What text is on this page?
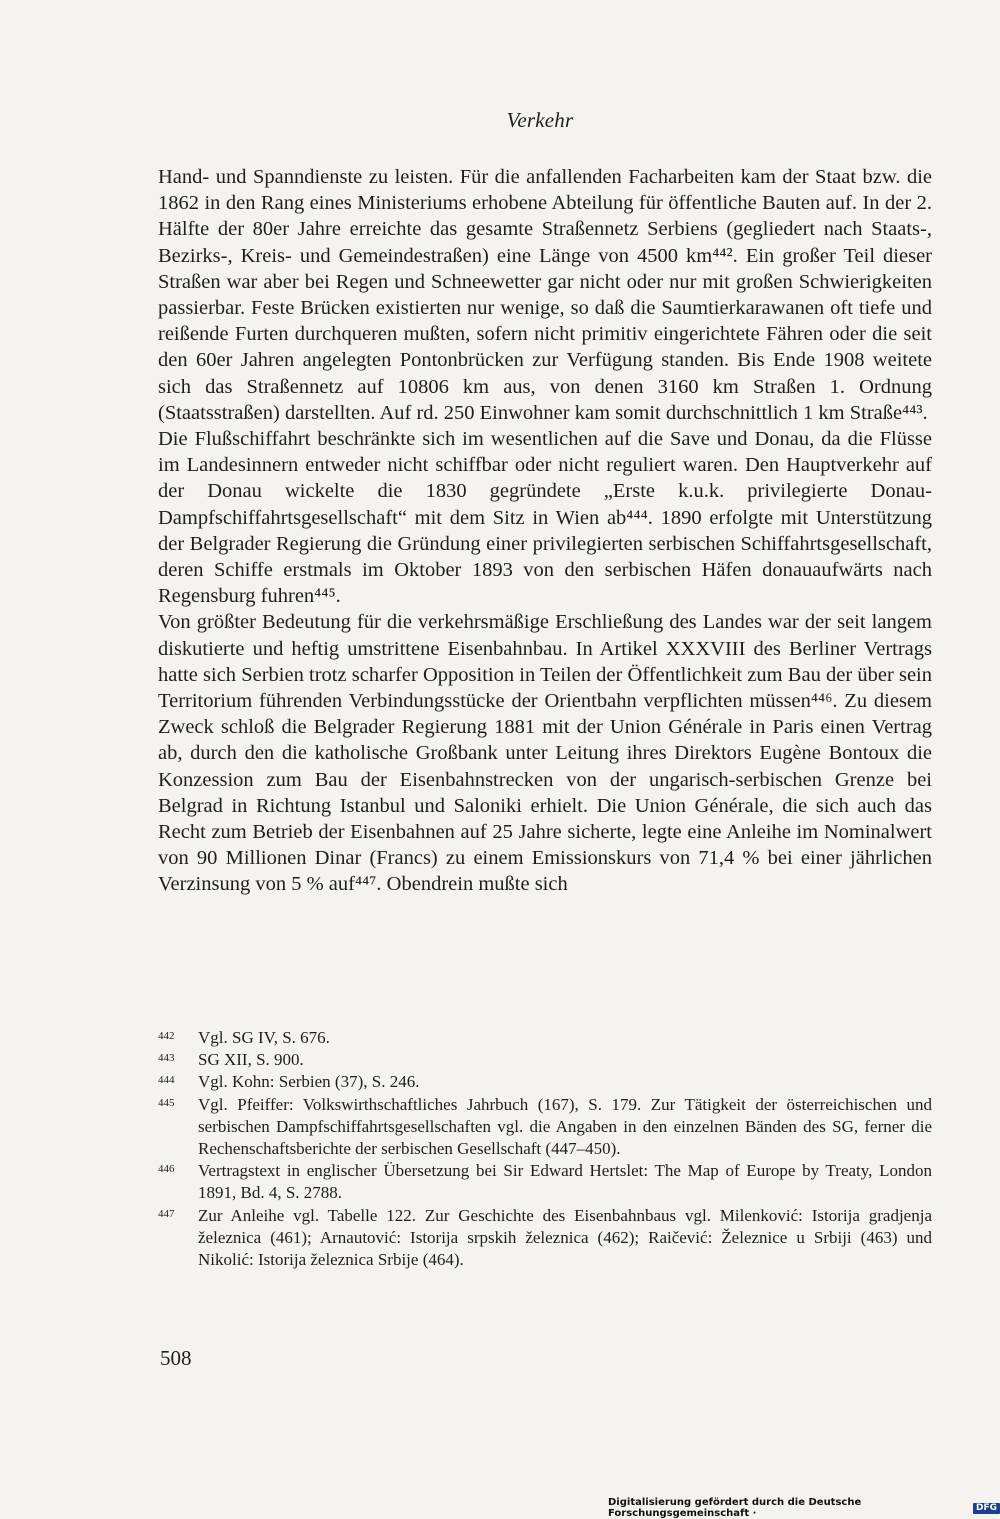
Verkehr

Hand- und Spanndienste zu leisten. Für die anfallenden Facharbeiten kam der Staat bzw. die 1862 in den Rang eines Ministeriums erhobene Abteilung für öffentliche Bauten auf. In der 2. Hälfte der 80er Jahre erreichte das gesamte Straßennetz Serbiens (gegliedert nach Staats-, Bezirks-, Kreis- und Gemeindestraßen) eine Länge von 4500 km⁴⁴². Ein großer Teil dieser Straßen war aber bei Regen und Schneewetter gar nicht oder nur mit großen Schwierigkeiten passierbar. Feste Brücken existierten nur wenige, so daß die Saumtierkarawanen oft tiefe und reißende Furten durchqueren mußten, sofern nicht primitiv eingerichtete Fähren oder die seit den 60er Jahren angelegten Pontonbrücken zur Verfügung standen. Bis Ende 1908 weitete sich das Straßennetz auf 10806 km aus, von denen 3160 km Straßen 1. Ordnung (Staatsstraßen) darstellten. Auf rd. 250 Einwohner kam somit durchschnittlich 1 km Straße⁴⁴³.

Die Flußschiffahrt beschränkte sich im wesentlichen auf die Save und Donau, da die Flüsse im Landesinnern entweder nicht schiffbar oder nicht reguliert waren. Den Hauptverkehr auf der Donau wickelte die 1830 gegründete „Erste k.u.k. privilegierte Donau-Dampfschiffahrtsgesellschaft“ mit dem Sitz in Wien ab⁴⁴⁴. 1890 erfolgte mit Unterstützung der Belgrader Regierung die Gründung einer privilegierten serbischen Schiffahrtsgesellschaft, deren Schiffe erstmals im Oktober 1893 von den serbischen Häfen donauaufwärts nach Regensburg fuhren⁴⁴⁵.

Von größter Bedeutung für die verkehrsmäßige Erschließung des Landes war der seit langem diskutierte und heftig umstrittene Eisenbahnbau. In Artikel XXXVIII des Berliner Vertrags hatte sich Serbien trotz scharfer Opposition in Teilen der Öffentlichkeit zum Bau der über sein Territorium führenden Verbindungsstücke der Orientbahn verpflichten müssen⁴⁴⁶. Zu diesem Zweck schloß die Belgrader Regierung 1881 mit der Union Générale in Paris einen Vertrag ab, durch den die katholische Großbank unter Leitung ihres Direktors Eugène Bontoux die Konzession zum Bau der Eisenbahnstrecken von der ungarisch-serbischen Grenze bei Belgrad in Richtung Istanbul und Saloniki erhielt. Die Union Générale, die sich auch das Recht zum Betrieb der Eisenbahnen auf 25 Jahre sicherte, legte eine Anleihe im Nominalwert von 90 Millionen Dinar (Francs) zu einem Emissionskurs von 71,4 % bei einer jährlichen Verzinsung von 5 % auf⁴⁴⁷. Obendrein mußte sich

442	Vgl. SG IV, S. 676.
443	SG XII, S. 900.
444	Vgl. Kohn: Serbien (37), S. 246.
445	Vgl. Pfeiffer: Volkswirthschaftliches Jahrbuch (167), S. 179. Zur Tätigkeit der österreichischen und serbischen Dampfschiffahrtsgesellschaften vgl. die Angaben in den einzelnen Bänden des SG, ferner die Rechenschaftsberichte der serbischen Gesellschaft (447–450).
446	Vertragstext in englischer Übersetzung bei Sir Edward Hertslet: The Map of Europe by Treaty, London 1891, Bd. 4, S. 2788.
447	Zur Anleihe vgl. Tabelle 122. Zur Geschichte des Eisenbahnbaus vgl. Milenković: Istorija gradjenja železnica (461); Arnautović: Istorija srpskih železnica (462); Raičević: Železnice u Srbiji (463) und Nikolić: Istorija železnica Srbije (464).
508
Digitalisierung gefördert durch die Deutsche Forschungsgemeinschaft ·
DFG
